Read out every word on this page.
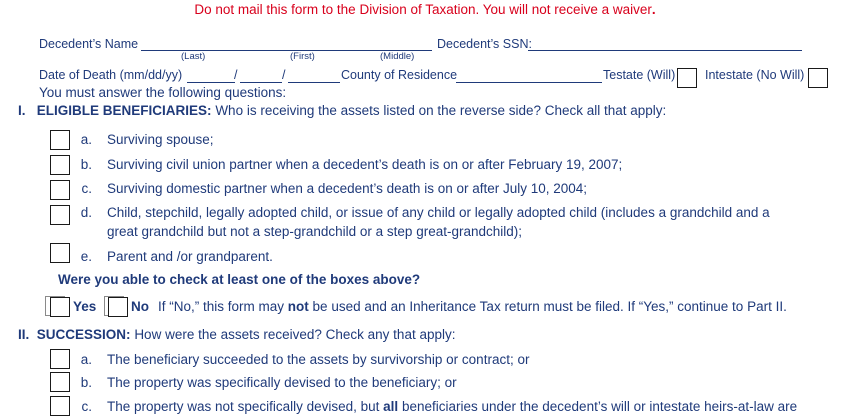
Do not mail this form to the Division of Taxation. You will not receive a waiver.
Decedent’s Name
(Last)	(First)	(Middle)
Decedent’s SSN:
Date of Death (mm/dd/yy)	/	/	County of Residence	Testate (Will) Intestate (No Will)
You must answer the following questions:
I. ELIGIBLE BENEFICIARIES: Who is receiving the assets listed on the reverse side? Check all that apply:
a. Surviving spouse;
b. Surviving civil union partner when a decedent’s death is on or after February 19, 2007;
c. Surviving domestic partner when a decedent’s death is on or after July 10, 2004;
d. Child, stepchild, legally adopted child, or issue of any child or legally adopted child (includes a grandchild and a
great grandchild but not a step-grandchild or a step great-grandchild);
e. Parent and /or grandparent.
Were you able to check at least one of the boxes above?
Yes	No If “No,” this form may not be used and an Inheritance Tax return must be filed. If “Yes,” continue to Part II.
II. SUCCESSION: How were the assets received? Check any that apply:
a. The beneficiary succeeded to the assets by survivorship or contract; or
b. The property was specifically devised to the beneficiary; or
c. The property was not specifically devised, but all beneficiaries under the decedent’s will or intestate heirs-at-law are
